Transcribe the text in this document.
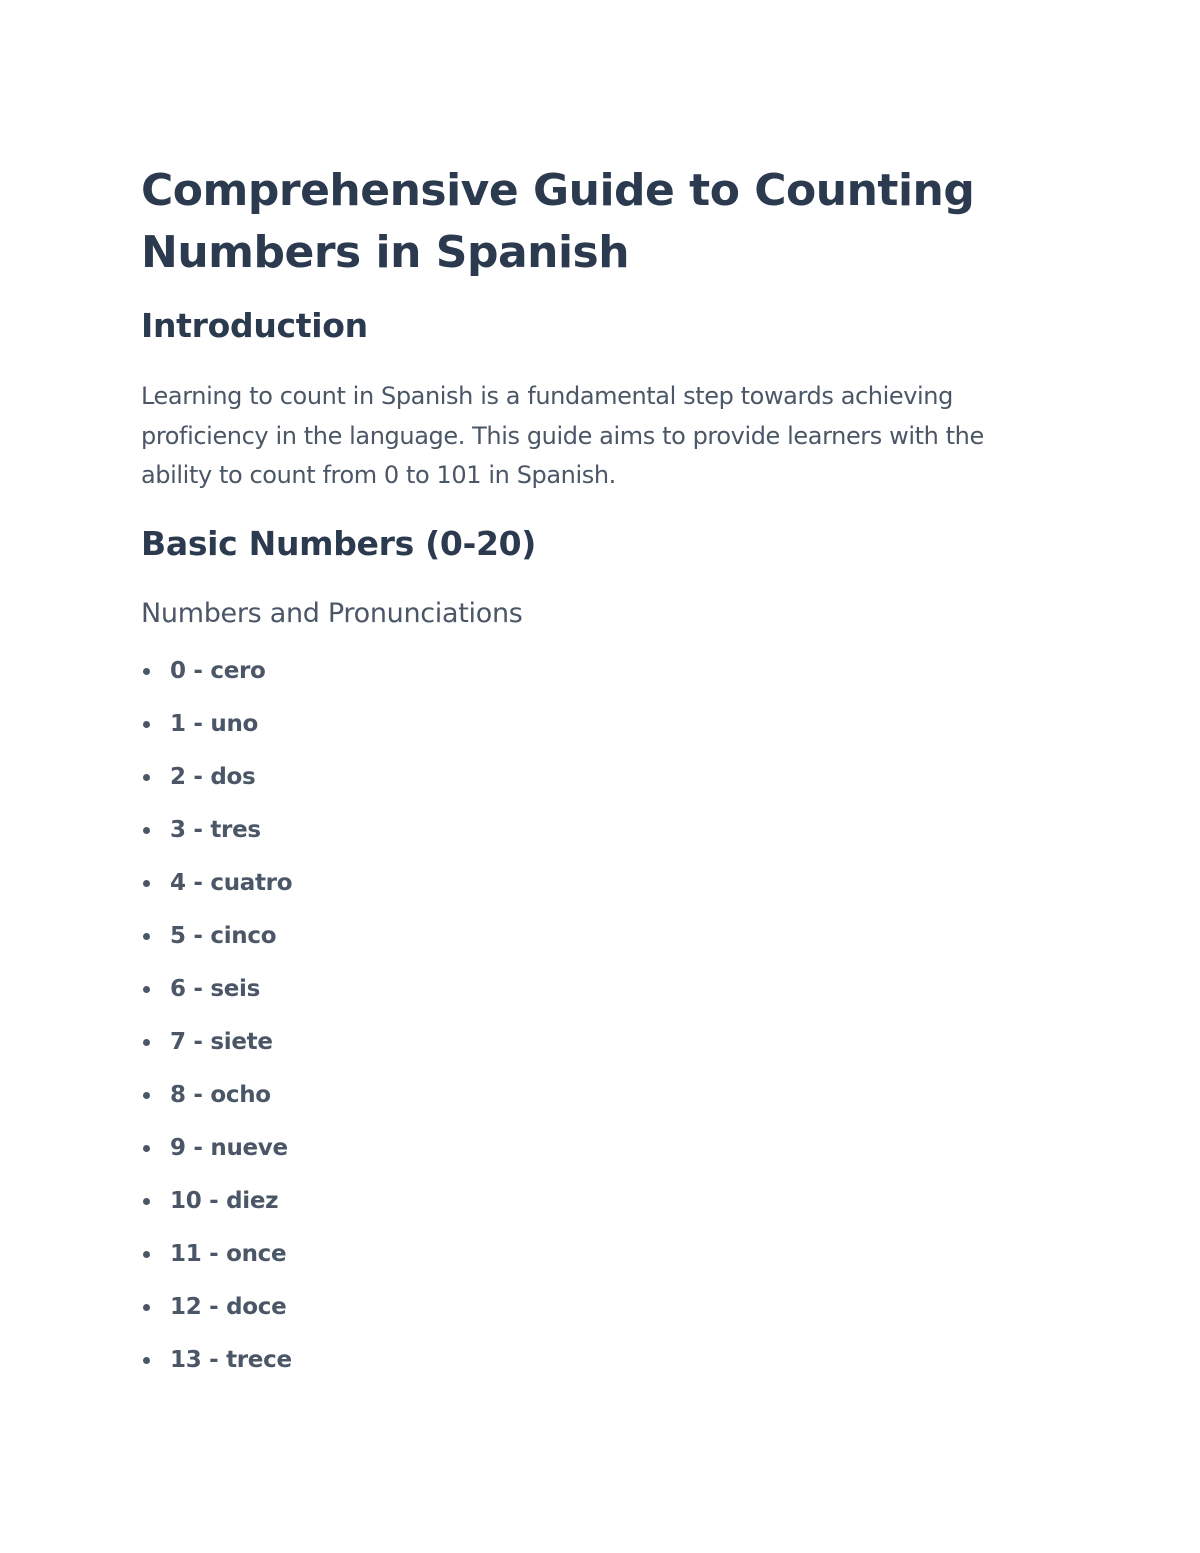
Comprehensive Guide to Counting Numbers in Spanish
Introduction

Learning to count in Spanish is a fundamental step towards achieving proficiency in the language. This guide aims to provide learners with the ability to count from 0 to 101 in Spanish.

Basic Numbers (0-20)
Numbers and Pronunciations
0 - cero
1 - uno
2 - dos
3 - tres
4 - cuatro
5 - cinco
6 - seis
7 - siete
8 - ocho
9 - nueve
10 - diez
11 - once
12 - doce
13 - trece
